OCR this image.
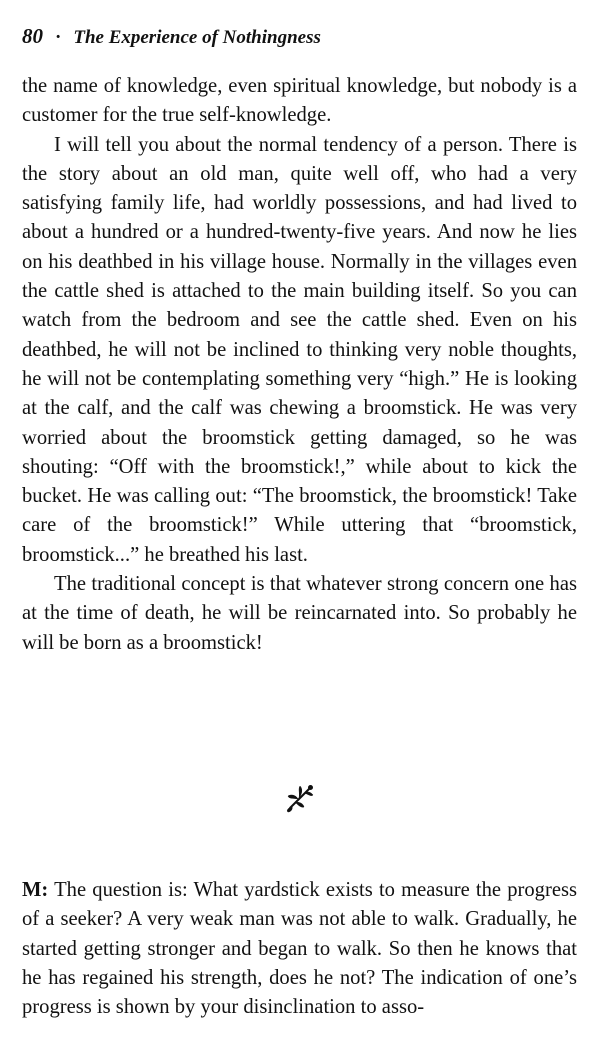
80 · The Experience of Nothingness

the name of knowledge, even spiritual knowledge, but nobody is a customer for the true self-knowledge.

I will tell you about the normal tendency of a person. There is the story about an old man, quite well off, who had a very satisfying family life, had worldly possessions, and had lived to about a hundred or a hundred-twenty-five years. And now he lies on his deathbed in his village house. Normally in the villages even the cattle shed is attached to the main building itself. So you can watch from the bedroom and see the cattle shed. Even on his deathbed, he will not be inclined to thinking very noble thoughts, he will not be contemplating something very “high.” He is looking at the calf, and the calf was chewing a broomstick. He was very worried about the broomstick getting damaged, so he was shouting: “Off with the broomstick!,” while about to kick the bucket. He was calling out: “The broomstick, the broomstick! Take care of the broomstick!” While uttering that “broomstick, broomstick...” he breathed his last.

The traditional concept is that whatever strong concern one has at the time of death, he will be reincarnated into. So probably he will be born as a broomstick!

M: The question is: What yardstick exists to measure the progress of a seeker? A very weak man was not able to walk. Gradually, he started getting stronger and began to walk. So then he knows that he has regained his strength, does he not? The indication of one’s progress is shown by your disinclination to asso-
